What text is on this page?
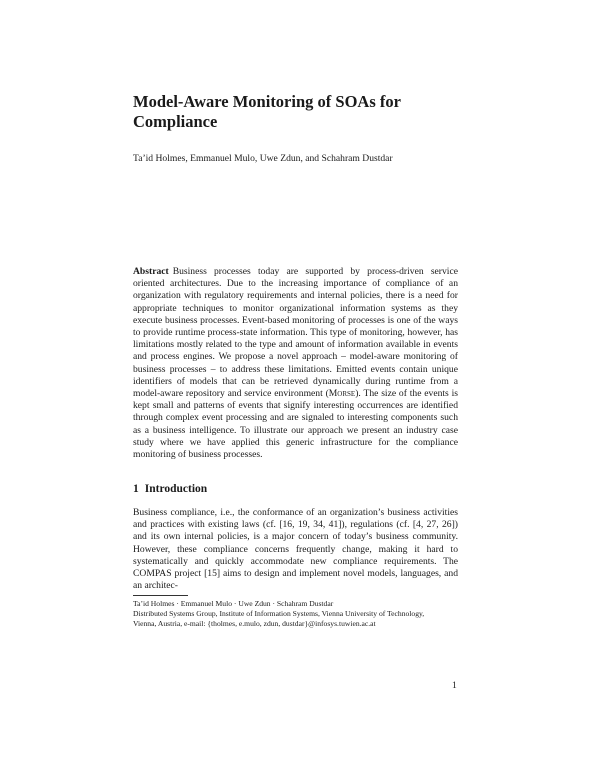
Model-Aware Monitoring of SOAs for Compliance
Ta’id Holmes, Emmanuel Mulo, Uwe Zdun, and Schahram Dustdar

Abstract Business processes today are supported by process-driven service oriented architectures. Due to the increasing importance of compliance of an organization with regulatory requirements and internal policies, there is a need for appropriate techniques to monitor organizational information systems as they execute business processes. Event-based monitoring of processes is one of the ways to provide runtime process-state information. This type of monitoring, however, has limitations mostly related to the type and amount of information available in events and process engines. We propose a novel approach – model-aware monitoring of business processes – to address these limitations. Emitted events contain unique identifiers of models that can be retrieved dynamically during runtime from a model-aware repository and service environment (Morse). The size of the events is kept small and patterns of events that signify interesting occurrences are identified through complex event processing and are signaled to interesting components such as a business intelligence. To illustrate our approach we present an industry case study where we have applied this generic infrastructure for the compliance monitoring of business processes.

1 Introduction

Business compliance, i.e., the conformance of an organization’s business activities and practices with existing laws (cf. [16, 19, 34, 41]), regulations (cf. [4, 27, 26]) and its own internal policies, is a major concern of today’s business community. However, these compliance concerns frequently change, making it hard to systematically and quickly accommodate new compliance requirements. The COMPAS project [15] aims to design and implement novel models, languages, and an architec-

Ta’id Holmes · Emmanuel Mulo · Uwe Zdun · Schahram Dustdar
Distributed Systems Group, Institute of Information Systems, Vienna University of Technology,
Vienna, Austria, e-mail: {tholmes, e.mulo, zdun, dustdar}@infosys.tuwien.ac.at
1
